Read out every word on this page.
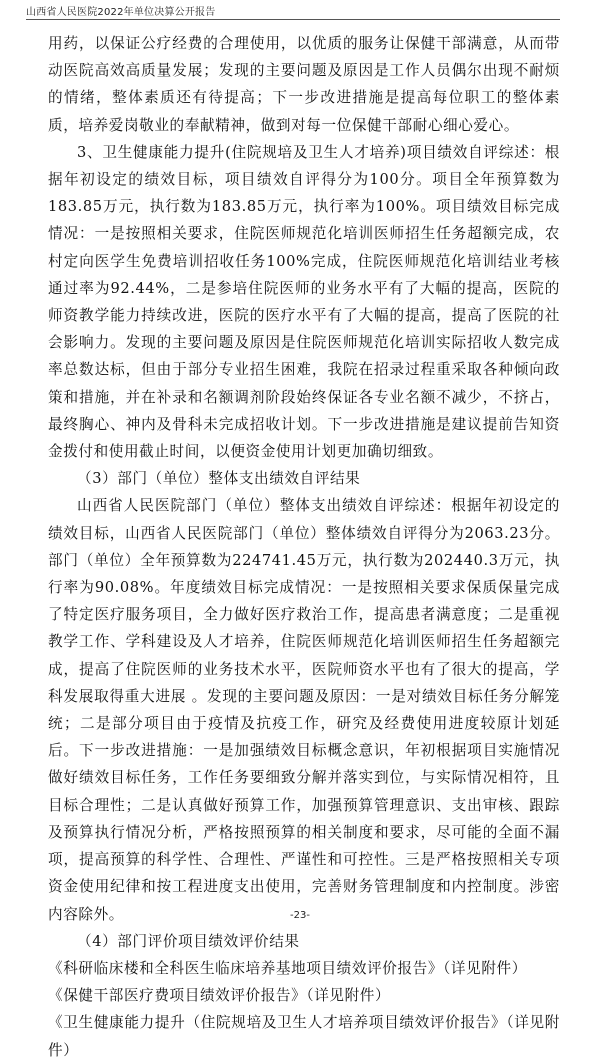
山西省人民医院2022年单位决算公开报告

用药，以保证公疗经费的合理使用，以优质的服务让保健干部满意，从而带动医院高效高质量发展；发现的主要问题及原因是工作人员偶尔出现不耐烦的情绪，整体素质还有待提高；下一步改进措施是提高每位职工的整体素质，培养爱岗敬业的奉献精神，做到对每一位保健干部耐心细心爱心。

3、卫生健康能力提升(住院规培及卫生人才培养)项目绩效自评综述：根据年初设定的绩效目标，项目绩效自评得分为100分。项目全年预算数为183.85万元，执行数为183.85万元，执行率为100%。项目绩效目标完成情况：一是按照相关要求，住院医师规范化培训医师招生任务超额完成，农村定向医学生免费培训招收任务100%完成，住院医师规范化培训结业考核通过率为92.44%，二是参培住院医师的业务水平有了大幅的提高，医院的师资教学能力持续改进，医院的医疗水平有了大幅的提高，提高了医院的社会影响力。发现的主要问题及原因是住院医师规范化培训实际招收人数完成率总数达标，但由于部分专业招生困难，我院在招录过程重采取各种倾向政策和措施，并在补录和名额调剂阶段始终保证各专业名额不减少，不挤占，最终胸心、神内及骨科未完成招收计划。下一步改进措施是建议提前告知资金拨付和使用截止时间，以便资金使用计划更加确切细致。

（3）部门（单位）整体支出绩效自评结果

山西省人民医院部门（单位）整体支出绩效自评综述：根据年初设定的绩效目标，山西省人民医院部门（单位）整体绩效自评得分为2063.23分。部门（单位）全年预算数为224741.45万元，执行数为202440.3万元，执行率为90.08%。年度绩效目标完成情况：一是按照相关要求保质保量完成了特定医疗服务项目，全力做好医疗救治工作，提高患者满意度；二是重视教学工作、学科建设及人才培养，住院医师规范化培训医师招生任务超额完成，提高了住院医师的业务技术水平，医院师资水平也有了很大的提高，学科发展取得重大进展 。发现的主要问题及原因：一是对绩效目标任务分解笼统；二是部分项目由于疫情及抗疫工作，研究及经费使用进度较原计划延后。下一步改进措施：一是加强绩效目标概念意识，年初根据项目实施情况做好绩效目标任务，工作任务要细致分解并落实到位，与实际情况相符，且目标合理性；二是认真做好预算工作，加强预算管理意识、支出审核、跟踪及预算执行情况分析，严格按照预算的相关制度和要求，尽可能的全面不漏项，提高预算的科学性、合理性、严谨性和可控性。三是严格按照相关专项资金使用纪律和按工程进度支出使用，完善财务管理制度和内控制度。涉密内容除外。

（4）部门评价项目绩效评价结果

《科研临床楼和全科医生临床培养基地项目绩效评价报告》（详见附件）

《保健干部医疗费项目绩效评价报告》（详见附件）

《卫生健康能力提升（住院规培及卫生人才培养项目绩效评价报告》（详见附件）

-23-
